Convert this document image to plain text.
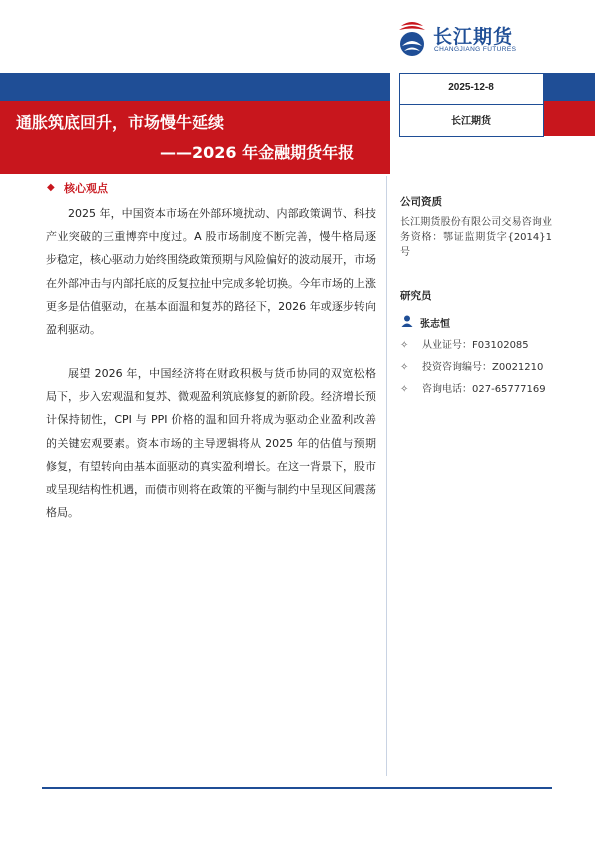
长江期货
CHANGJIANG FUTURES
通胀筑底回升，市场慢牛延续
——2026 年金融期货年报
2025-12-8
长江期货
◆ 核心观点

2025 年，中国资本市场在外部环境扰动、内部政策调节、科技产业突破的三重博弈中度过。A 股市场制度不断完善，慢牛格局逐步稳定，核心驱动力始终围绕政策预期与风险偏好的波动展开，市场在外部冲击与内部托底的反复拉扯中完成多轮切换。今年市场的上涨更多是估值驱动，在基本面温和复苏的路径下，2026 年或逐步转向盈利驱动。

展望 2026 年，中国经济将在财政积极与货币协同的双宽松格局下，步入宏观温和复苏、微观盈利筑底修复的新阶段。经济增长预计保持韧性，CPI 与 PPI 价格的温和回升将成为驱动企业盈利改善的关键宏观要素。资本市场的主导逻辑将从 2025 年的估值与预期修复，有望转向由基本面驱动的真实盈利增长。在这一背景下，股市或呈现结构性机遇，而债市则将在政策的平衡与制约中呈现区间震荡格局。

公司资质

长江期货股份有限公司交易咨询业务资格：鄂证监期货字{2014}1 号

研究员
张志恒
✧ 从业证号：F03102085
✧ 投资咨询编号：Z0021210
✧ 咨询电话：027-65777169
